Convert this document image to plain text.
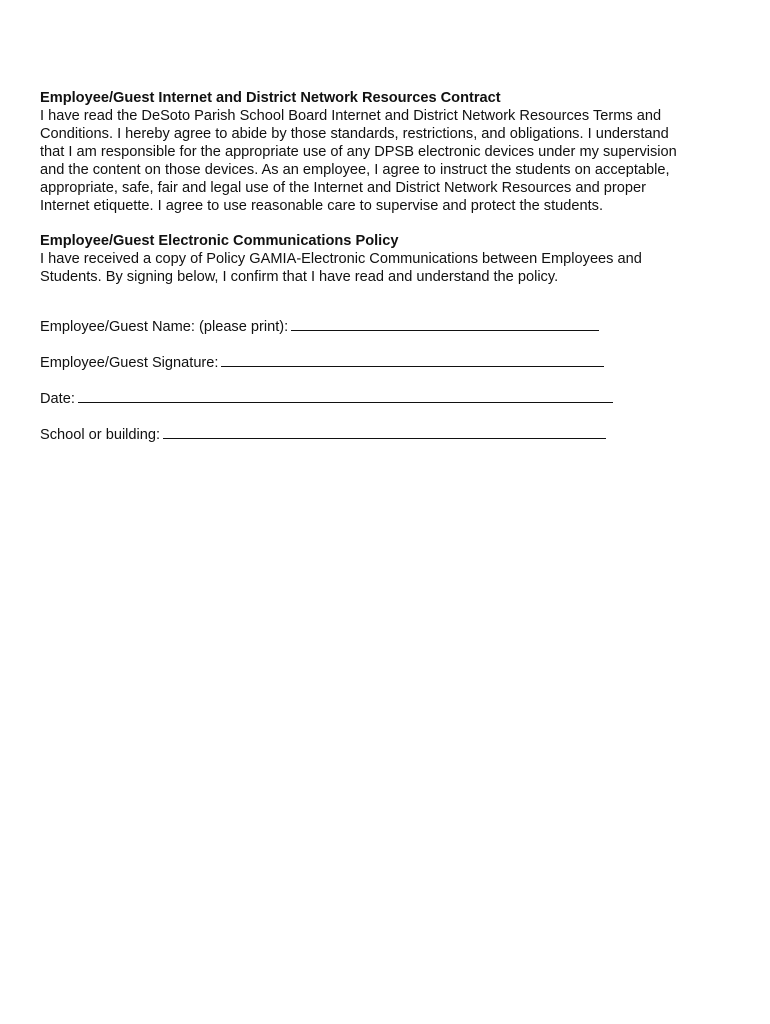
Employee/Guest Internet and District Network Resources Contract

I have read the DeSoto Parish School Board Internet and District Network Resources Terms and
Conditions. I hereby agree to abide by those standards, restrictions, and obligations. I understand
that I am responsible for the appropriate use of any DPSB electronic devices under my supervision
and the content on those devices. As an employee, I agree to instruct the students on acceptable,
appropriate, safe, fair and legal use of the Internet and District Network Resources and proper
Internet etiquette. I agree to use reasonable care to supervise and protect the students.

Employee/Guest Electronic Communications Policy

I have received a copy of Policy GAMIA-Electronic Communications between Employees and
Students. By signing below, I confirm that I have read and understand the policy.
Employee/Guest Name: (please print):
Employee/Guest Signature:
Date:
School or building:
